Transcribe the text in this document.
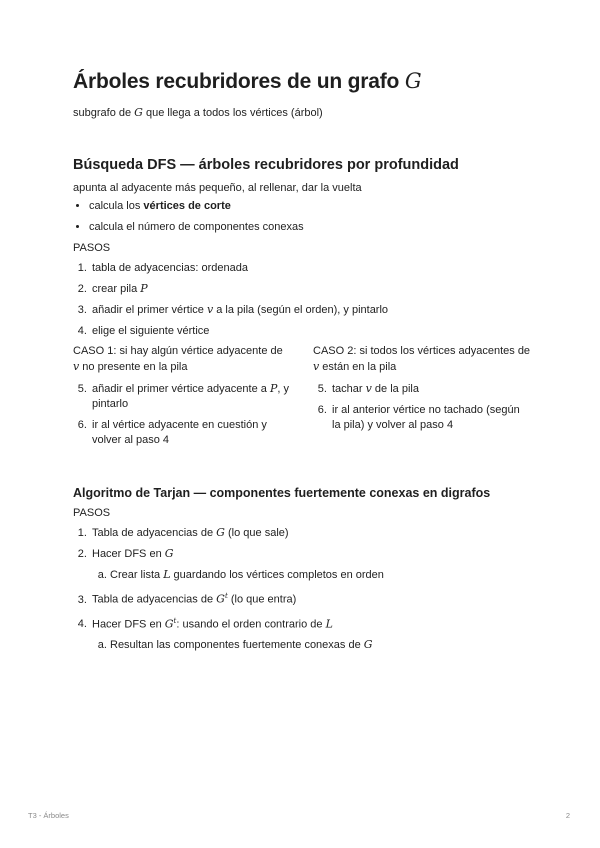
Árboles recubridores de un grafo G
subgrafo de G que llega a todos los vértices (árbol)
Búsqueda DFS — árboles recubridores por profundidad
apunta al adyacente más pequeño, al rellenar, dar la vuelta
• calcula los vértices de corte
• calcula el número de componentes conexas
PASOS
1. tabla de adyacencias: ordenada
2. crear pila P
3. añadir el primer vértice v a la pila (según el orden), y pintarlo
4. elige el siguiente vértice
CASO 1: si hay algún vértice adyacente de v no presente en la pila
5. añadir el primer vértice adyacente a P, y pintarlo
6. ir al vértice adyacente en cuestión y volver al paso 4
CASO 2: si todos los vértices adyacentes de v están en la pila
5. tachar v de la pila
6. ir al anterior vértice no tachado (según la pila) y volver al paso 4
Algoritmo de Tarjan — componentes fuertemente conexas en digrafos
PASOS
1. Tabla de adyacencias de G (lo que sale)
2. Hacer DFS en G
a. Crear lista L guardando los vértices completos en orden
3. Tabla de adyacencias de $G^t$ (lo que entra)
4. Hacer DFS en $G^t$: usando el orden contrario de L
a. Resultan las componentes fuertemente conexas de G
T3 - Árboles	2
